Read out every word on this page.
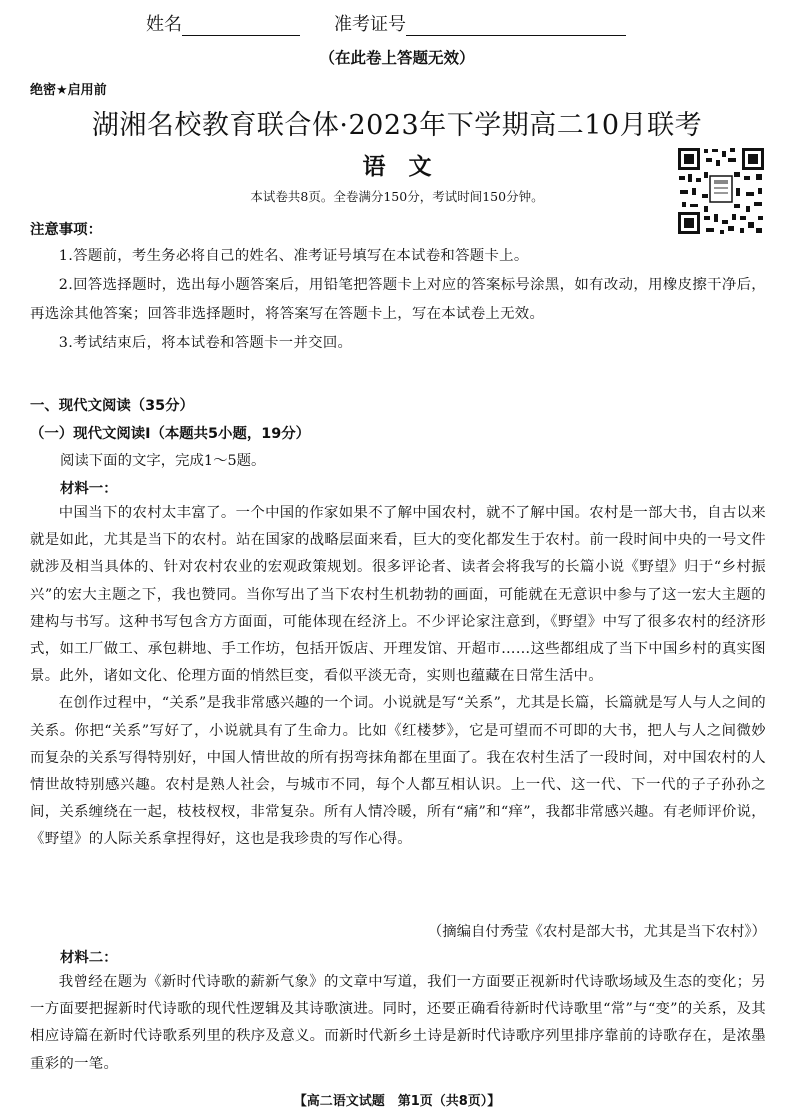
姓名	准考证号
（在此卷上答题无效）
绝密★启用前
湖湘名校教育联合体·2023年下学期高二10月联考
语　文
本试卷共8页。全卷满分150分，考试时间150分钟。
注意事项：

1.答题前，考生务必将自己的姓名、准考证号填写在本试卷和答题卡上。

2.回答选择题时，选出每小题答案后，用铅笔把答题卡上对应的答案标号涂黑，如有改动，用橡皮擦干净后，再选涂其他答案；回答非选择题时，将答案写在答题卡上，写在本试卷上无效。

3.考试结束后，将本试卷和答题卡一并交回。

一、现代文阅读（35分）
（一）现代文阅读Ⅰ（本题共5小题，19分）
阅读下面的文字，完成1～5题。
材料一：

中国当下的农村太丰富了。一个中国的作家如果不了解中国农村，就不了解中国。农村是一部大书，自古以来就是如此，尤其是当下的农村。站在国家的战略层面来看，巨大的变化都发生于农村。前一段时间中央的一号文件就涉及相当具体的、针对农村农业的宏观政策规划。很多评论者、读者会将我写的长篇小说《野望》归于“乡村振兴”的宏大主题之下，我也赞同。当你写出了当下农村生机勃勃的画面，可能就在无意识中参与了这一宏大主题的建构与书写。这种书写包含方方面面，可能体现在经济上。不少评论家注意到，《野望》中写了很多农村的经济形式，如工厂做工、承包耕地、手工作坊，包括开饭店、开理发馆、开超市……这些都组成了当下中国乡村的真实图景。此外，诸如文化、伦理方面的悄然巨变，看似平淡无奇，实则也蕴藏在日常生活中。

在创作过程中，“关系”是我非常感兴趣的一个词。小说就是写“关系”，尤其是长篇，长篇就是写人与人之间的关系。你把“关系”写好了，小说就具有了生命力。比如《红楼梦》，它是可望而不可即的大书，把人与人之间微妙而复杂的关系写得特别好，中国人情世故的所有拐弯抹角都在里面了。我在农村生活了一段时间，对中国农村的人情世故特别感兴趣。农村是熟人社会，与城市不同，每个人都互相认识。上一代、这一代、下一代的子子孙孙之间，关系缠绕在一起，枝枝杈杈，非常复杂。所有人情冷暖，所有“痛”和“痒”，我都非常感兴趣。有老师评价说，《野望》的人际关系拿捏得好，这也是我珍贵的写作心得。

（摘编自付秀莹《农村是部大书，尤其是当下农村》）
材料二：

我曾经在题为《新时代诗歌的薪新气象》的文章中写道，我们一方面要正视新时代诗歌场域及生态的变化；另一方面要把握新时代诗歌的现代性逻辑及其诗歌演进。同时，还要正确看待新时代诗歌里“常”与“变”的关系，及其相应诗篇在新时代诗歌系列里的秩序及意义。而新时代新乡土诗是新时代诗歌序列里排序靠前的诗歌存在，是浓墨重彩的一笔。

【高二语文试题　第1页（共8页）】
